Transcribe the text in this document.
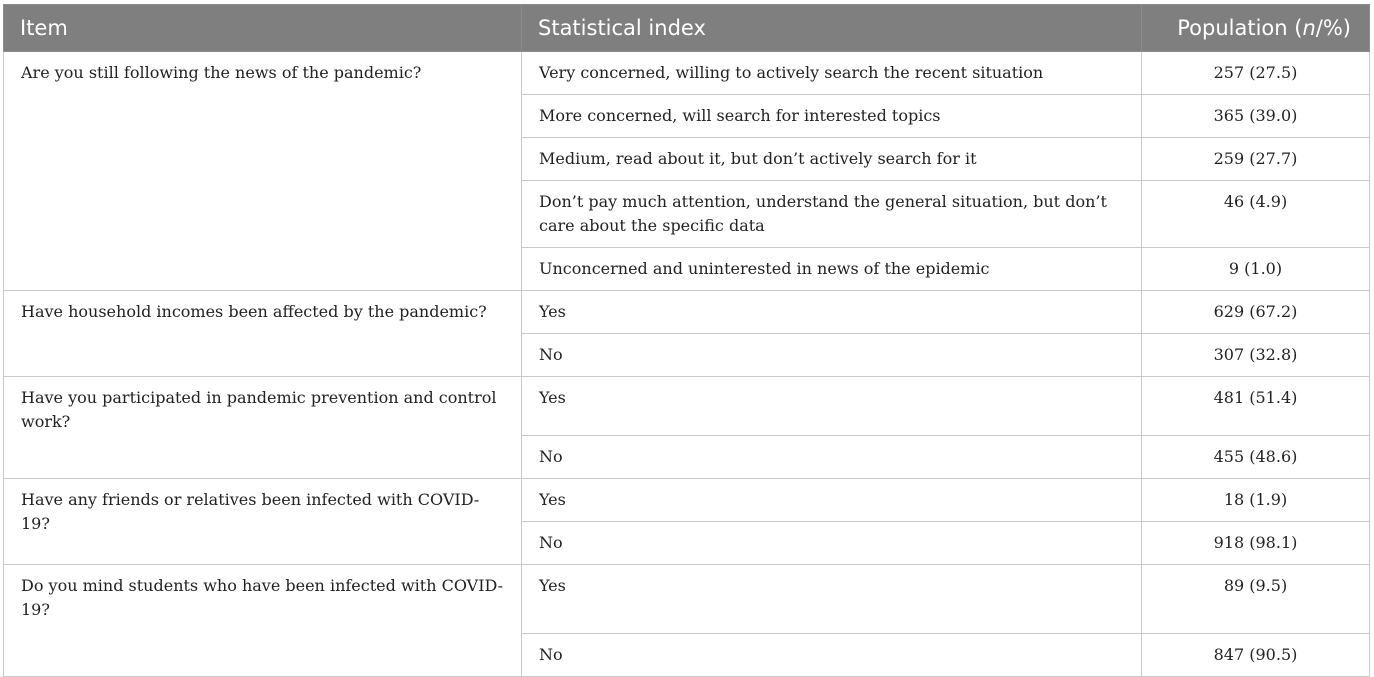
Item	Statistical index	Population (n/%)
Are you still following the news of the pandemic?	Very concerned, willing to actively search the recent situation	257 (27.5)
	More concerned, will search for interested topics	365 (39.0)
	Medium, read about it, but don’t actively search for it	259 (27.7)
	Don’t pay much attention, understand the general situation, but don’t care about the specific data	46 (4.9)
	Unconcerned and uninterested in news of the epidemic	9 (1.0)
Have household incomes been affected by the pandemic?	Yes	629 (67.2)
	No	307 (32.8)
Have you participated in pandemic prevention and control work?	Yes	481 (51.4)
	No	455 (48.6)
Have any friends or relatives been infected with COVID-19?	Yes	18 (1.9)
	No	918 (98.1)
Do you mind students who have been infected with COVID-19?	Yes	89 (9.5)
	No	847 (90.5)
